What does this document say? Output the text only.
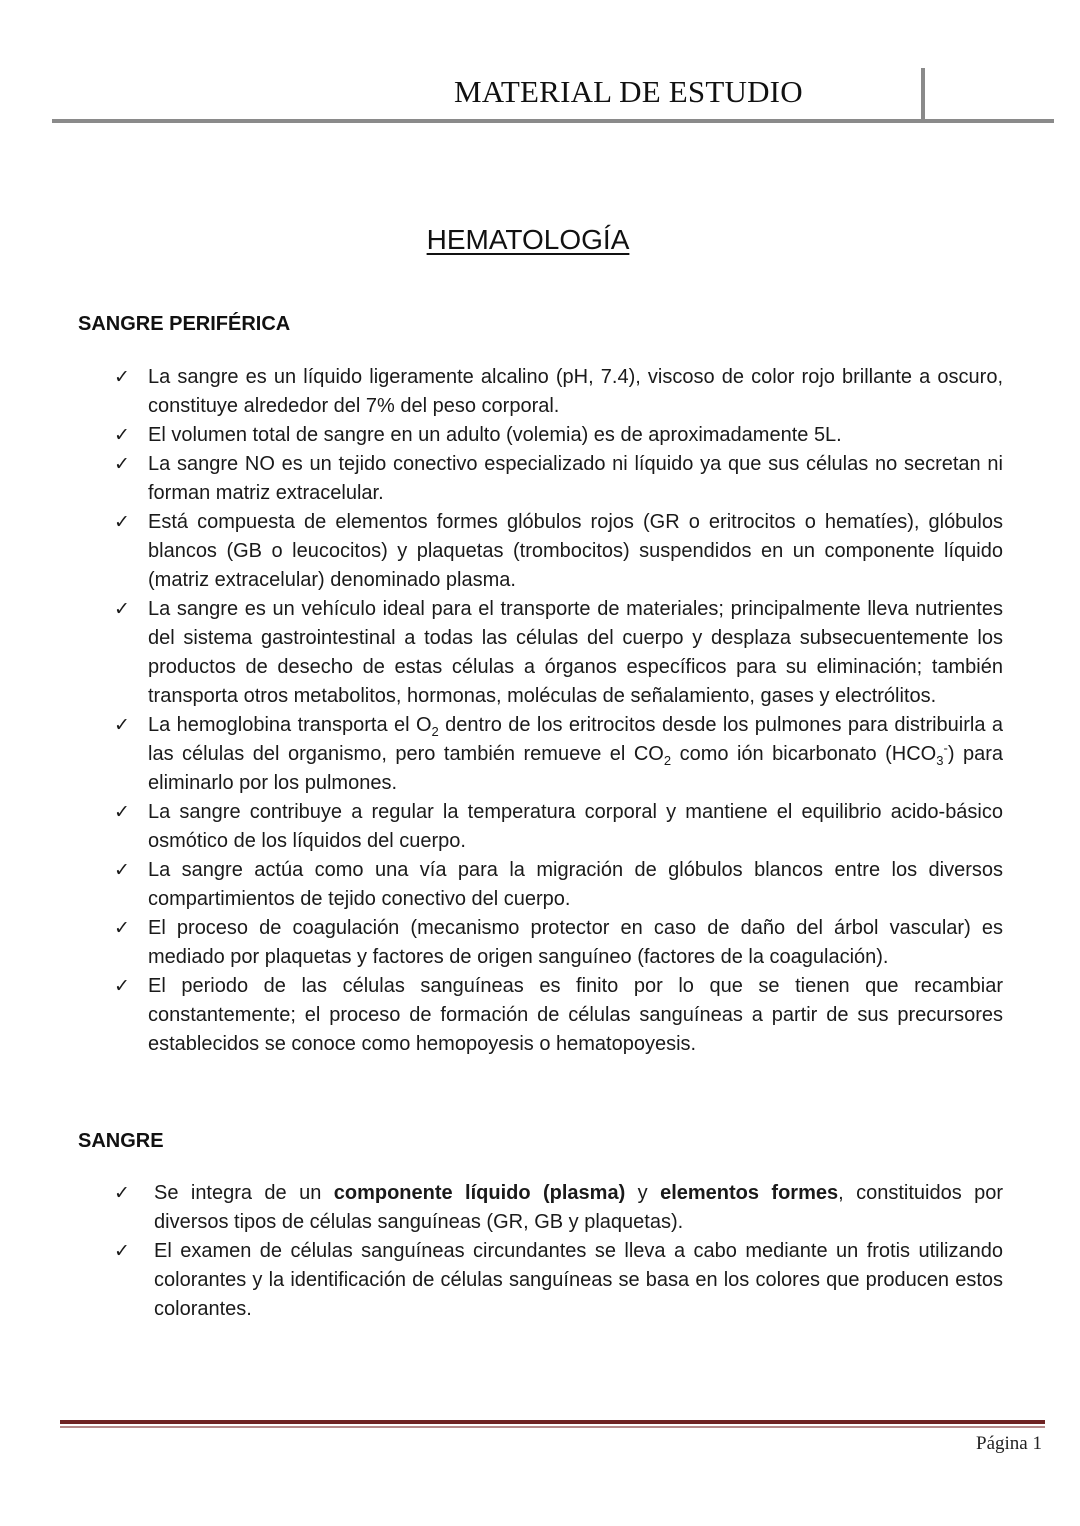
MATERIAL DE ESTUDIO
HEMATOLOGÍA
SANGRE PERIFÉRICA
✓ La sangre es un líquido ligeramente alcalino (pH, 7.4), viscoso de color rojo brillante a oscuro, constituye alrededor del 7% del peso corporal.
✓ El volumen total de sangre en un adulto (volemia) es de aproximadamente 5L.
✓ La sangre NO es un tejido conectivo especializado ni líquido ya que sus células no secretan ni forman matriz extracelular.
✓ Está compuesta de elementos formes glóbulos rojos (GR o eritrocitos o hematíes), glóbulos blancos (GB o leucocitos) y plaquetas (trombocitos) suspendidos en un componente líquido (matriz extracelular) denominado plasma.
✓ La sangre es un vehículo ideal para el transporte de materiales; principalmente lleva nutrientes del sistema gastrointestinal a todas las células del cuerpo y desplaza subsecuentemente los productos de desecho de estas células a órganos específicos para su eliminación; también transporta otros metabolitos, hormonas, moléculas de señalamiento, gases y electrólitos.
✓ La hemoglobina transporta el $O_2$ dentro de los eritrocitos desde los pulmones para distribuirla a las células del organismo, pero también remueve el $CO_2$ como ión bicarbonato $(HCO_3^-)$ para eliminarlo por los pulmones.
✓ La sangre contribuye a regular la temperatura corporal y mantiene el equilibrio acido-básico osmótico de los líquidos del cuerpo.
✓ La sangre actúa como una vía para la migración de glóbulos blancos entre los diversos compartimientos de tejido conectivo del cuerpo.
✓ El proceso de coagulación (mecanismo protector en caso de daño del árbol vascular) es mediado por plaquetas y factores de origen sanguíneo (factores de la coagulación).
✓ El periodo de las células sanguíneas es finito por lo que se tienen que recambiar constantemente; el proceso de formación de células sanguíneas a partir de sus precursores establecidos se conoce como hemopoyesis o hematopoyesis.
SANGRE
✓ Se integra de un componente líquido (plasma) y elementos formes, constituidos por diversos tipos de células sanguíneas (GR, GB y plaquetas).
✓ El examen de células sanguíneas circundantes se lleva a cabo mediante un frotis utilizando colorantes y la identificación de células sanguíneas se basa en los colores que producen estos colorantes.
Página 1
